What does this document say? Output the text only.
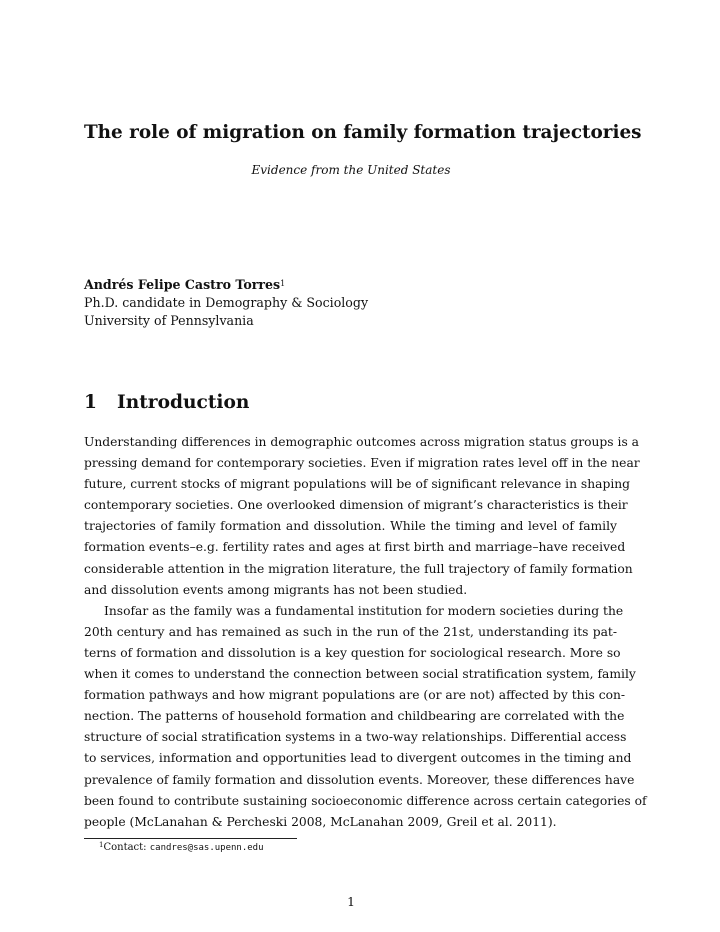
The role of migration on family formation trajectories
Evidence from the United States
Andrés Felipe Castro Torres$^1$
Ph.D. candidate in Demography & Sociology
University of Pennsylvania
1 Introduction
Understanding differences in demographic outcomes across migration status groups is a
pressing demand for contemporary societies. Even if migration rates level off in the near
future, current stocks of migrant populations will be of significant relevance in shaping
contemporary societies. One overlooked dimension of migrant’s characteristics is their
trajectories of family formation and dissolution. While the timing and level of family
formation events–e.g. fertility rates and ages at first birth and marriage–have received
considerable attention in the migration literature, the full trajectory of family formation
and dissolution events among migrants has not been studied.
Insofar as the family was a fundamental institution for modern societies during the
20th century and has remained as such in the run of the 21st, understanding its pat-
terns of formation and dissolution is a key question for sociological research. More so
when it comes to understand the connection between social stratification system, family
formation pathways and how migrant populations are (or are not) affected by this con-
nection. The patterns of household formation and childbearing are correlated with the
structure of social stratification systems in a two-way relationships. Differential access
to services, information and opportunities lead to divergent outcomes in the timing and
prevalence of family formation and dissolution events. Moreover, these differences have
been found to contribute sustaining socioeconomic difference across certain categories of
people (McLanahan & Percheski 2008, McLanahan 2009, Greil et al. 2011).
$^1$Contact: candres@sas.upenn.edu
1
